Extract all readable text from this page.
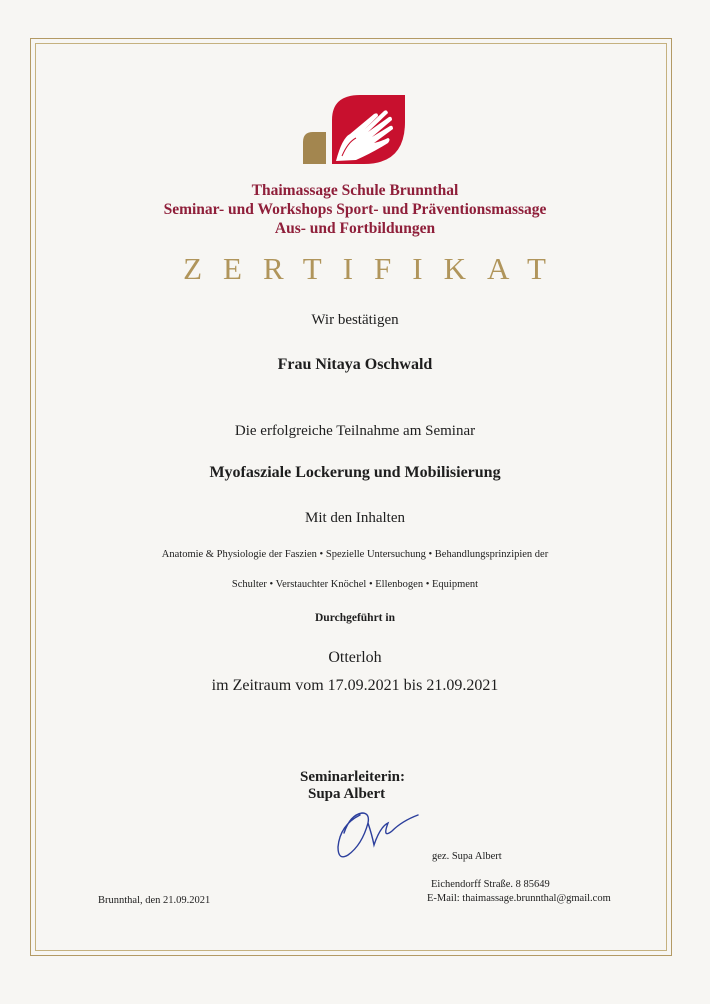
Thaimassage Schule Brunnthal
Seminar- und Workshops Sport- und Präventionsmassage
Aus- und Fortbildungen
ZERTIFIKAT
Wir bestätigen
Frau Nitaya Oschwald
Die erfolgreiche Teilnahme am Seminar
Myofasziale Lockerung und Mobilisierung
Mit den Inhalten
Anatomie & Physiologie der Faszien • Spezielle Untersuchung • Behandlungsprinzipien der
Schulter • Verstauchter Knöchel • Ellenbogen • Equipment
Durchgeführt in
Otterloh
im Zeitraum vom 17.09.2021 bis 21.09.2021
Seminarleiterin:
Supa Albert
gez. Supa Albert
Brunnthal, den 21.09.2021
Eichendorff Straße. 8 85649
E-Mail: thaimassage.brunnthal@gmail.com
